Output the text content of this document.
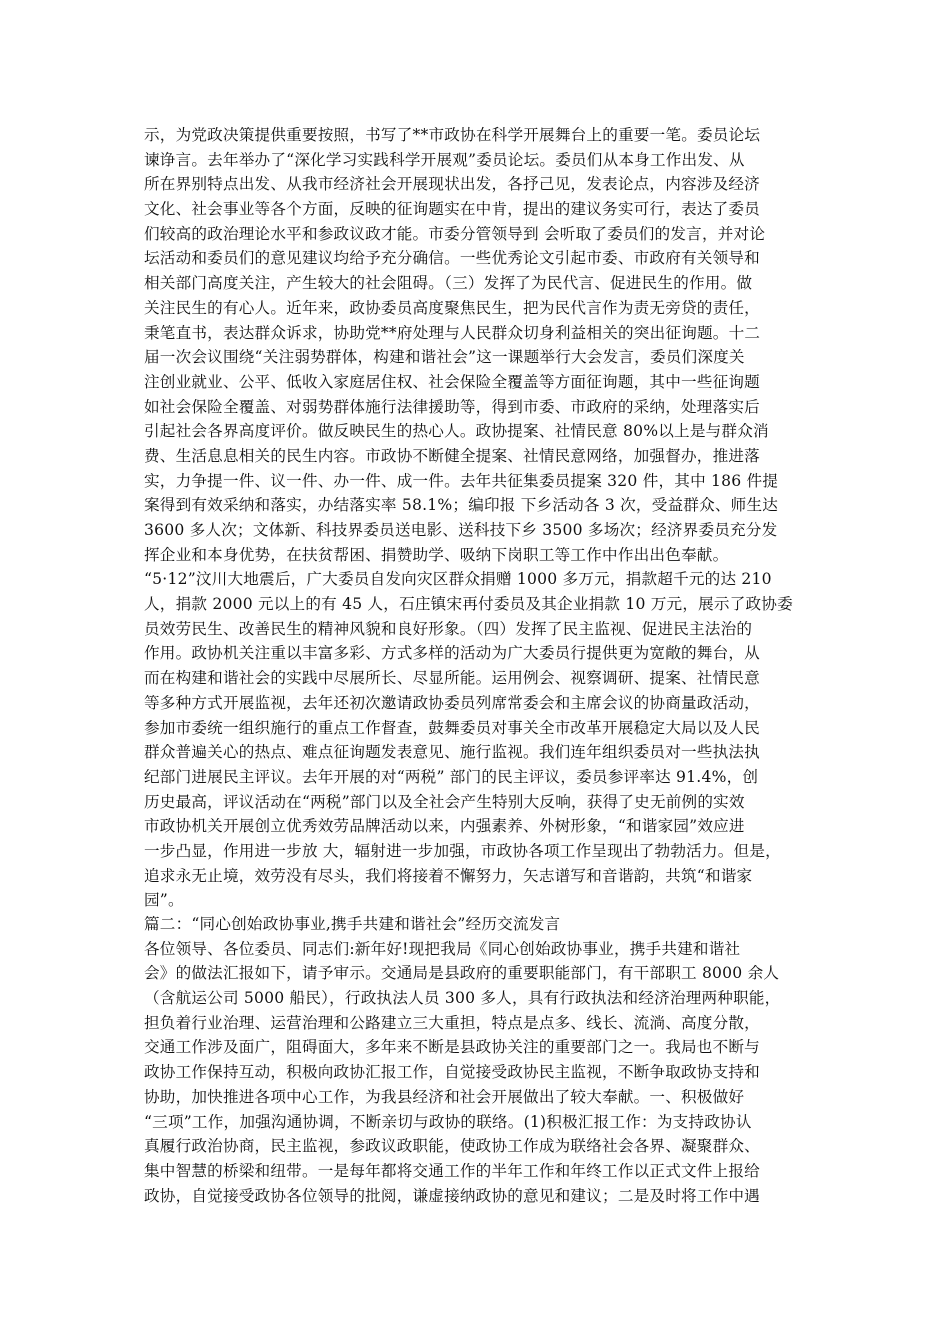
示，为党政决策提供重要按照，书写了**市政协在科学开展舞台上的重要一笔。委员论坛
谏诤言。去年举办了“深化学习实践科学开展观”委员论坛。委员们从本身工作出发、从
所在界别特点出发、从我市经济社会开展现状出发，各抒己见，发表论点，内容涉及经济
文化、社会事业等各个方面，反映的征询题实在中肯，提出的建议务实可行，表达了委员
们较高的政治理论水平和参政议政才能。市委分管领导到 会听取了委员们的发言，并对论
坛活动和委员们的意见建议均给予充分确信。一些优秀论文引起市委、市政府有关领导和
相关部门高度关注，产生较大的社会阻碍。（三）发挥了为民代言、促进民生的作用。做
关注民生的有心人。近年来，政协委员高度聚焦民生，把为民代言作为责无旁贷的责任，
秉笔直书，表达群众诉求，协助党**府处理与人民群众切身利益相关的突出征询题。十二
届一次会议围绕“关注弱势群体，构建和谐社会”这一课题举行大会发言，委员们深度关
注创业就业、公平、低收入家庭居住权、社会保险全覆盖等方面征询题，其中一些征询题
如社会保险全覆盖、对弱势群体施行法律援助等，得到市委、市政府的采纳，处理落实后
引起社会各界高度评价。做反映民生的热心人。政协提案、社情民意 80%以上是与群众消
费、生活息息相关的民生内容。市政协不断健全提案、社情民意网络，加强督办，推进落
实，力争提一件、议一件、办一件、成一件。去年共征集委员提案 320 件，其中 186 件提
案得到有效采纳和落实，办结落实率 58.1%；编印报 下乡活动各 3 次，受益群众、师生达
3600 多人次；文体新、科技界委员送电影、送科技下乡 3500 多场次；经济界委员充分发
挥企业和本身优势，在扶贫帮困、捐赞助学、吸纳下岗职工等工作中作出出色奉献。
“5·12”汶川大地震后，广大委员自发向灾区群众捐赠 1000 多万元，捐款超千元的达 210
人，捐款 2000 元以上的有 45 人，石庄镇宋再付委员及其企业捐款 10 万元，展示了政协委
员效劳民生、改善民生的精神风貌和良好形象。（四）发挥了民主监视、促进民主法治的
作用。政协机关注重以丰富多彩、方式多样的活动为广大委员行提供更为宽敞的舞台，从
而在构建和谐社会的实践中尽展所长、尽显所能。运用例会、视察调研、提案、社情民意
等多种方式开展监视，去年还初次邀请政协委员列席常委会和主席会议的协商量政活动，
参加市委统一组织施行的重点工作督查，鼓舞委员对事关全市改革开展稳定大局以及人民
群众普遍关心的热点、难点征询题发表意见、施行监视。我们连年组织委员对一些执法执
纪部门进展民主评议。去年开展的对“两税” 部门的民主评议，委员参评率达 91.4%，创
历史最高，评议活动在“两税”部门以及全社会产生特别大反响，获得了史无前例的实效
市政协机关开展创立优秀效劳品牌活动以来，内强素养、外树形象，“和谐家园”效应进
一步凸显，作用进一步放 大，辐射进一步加强，市政协各项工作呈现出了勃勃活力。但是，
追求永无止境，效劳没有尽头，我们将接着不懈努力，矢志谱写和音谐韵，共筑“和谐家
园”。
篇二：“同心创始政协事业,携手共建和谐社会”经历交流发言
各位领导、各位委员、同志们:新年好!现把我局《同心创始政协事业，携手共建和谐社
会》的做法汇报如下，请予审示。交通局是县政府的重要职能部门，有干部职工 8000 余人
（含航运公司 5000 船民），行政执法人员 300 多人，具有行政执法和经济治理两种职能，
担负着行业治理、运营治理和公路建立三大重担，特点是点多、线长、流淌、高度分散，
交通工作涉及面广，阻碍面大，多年来不断是县政协关注的重要部门之一。我局也不断与
政协工作保持互动，积极向政协汇报工作，自觉接受政协民主监视，不断争取政协支持和
协助，加快推进各项中心工作，为我县经济和社会开展做出了较大奉献。一、积极做好
“三项”工作，加强沟通协调，不断亲切与政协的联络。(1)积极汇报工作：为支持政协认
真履行政治协商，民主监视，参政议政职能，使政协工作成为联络社会各界、凝聚群众、
集中智慧的桥梁和纽带。一是每年都将交通工作的半年工作和年终工作以正式文件上报给
政协，自觉接受政协各位领导的批阅，谦虚接纳政协的意见和建议；二是及时将工作中遇
